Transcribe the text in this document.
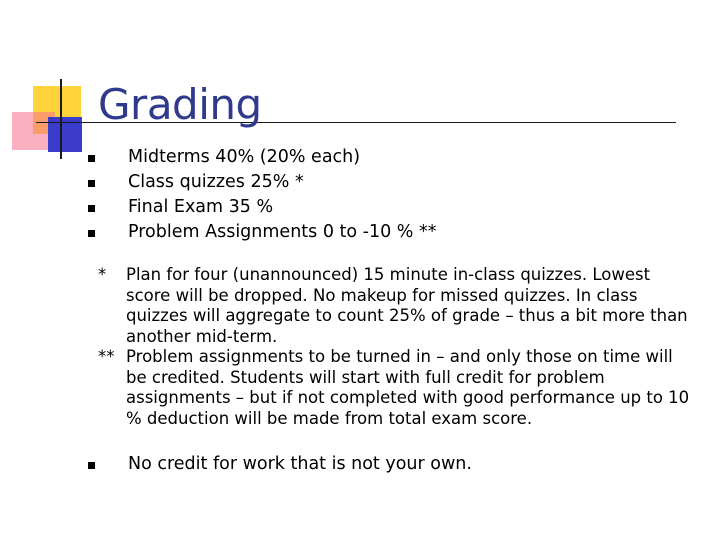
Grading
Midterms 40% (20% each)
Class quizzes 25% *
Final Exam 35 %
Problem Assignments 0 to -10 % **

*	Plan for four (unannounced) 15 minute in-class quizzes. Lowest score will be dropped. No makeup for missed quizzes. In class quizzes will aggregate to count 25% of grade – thus a bit more than another mid-term.

** Problem assignments to be turned in – and only those on time will be credited. Students will start with full credit for problem assignments – but if not completed with good performance up to 10 % deduction will be made from total exam score.

No credit for work that is not your own.
